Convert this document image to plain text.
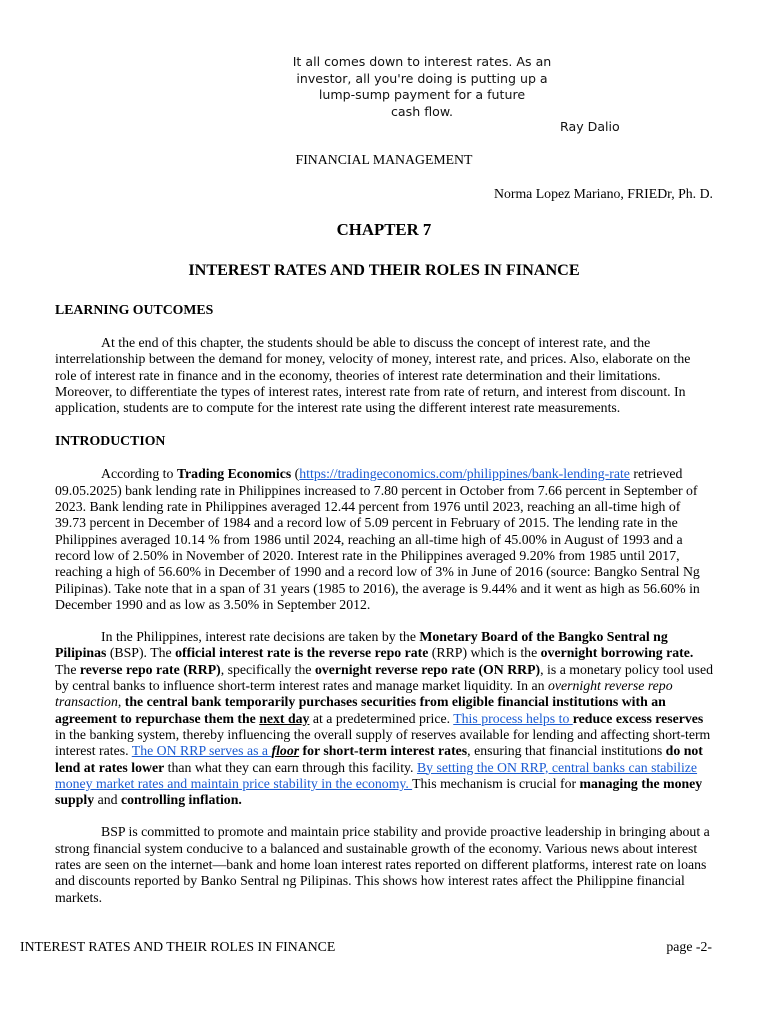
It all comes down to interest rates. As an
investor, all you're doing is putting up a
lump-sump payment for a future
cash flow.
Ray Dalio
FINANCIAL MANAGEMENT
Norma Lopez Mariano, FRIEDr, Ph. D.
CHAPTER 7
INTEREST RATES AND THEIR ROLES IN FINANCE
LEARNING OUTCOMES

At the end of this chapter, the students should be able to discuss the concept of interest rate, and the interrelationship between the demand for money, velocity of money, interest rate, and prices. Also, elaborate on the role of interest rate in finance and in the economy, theories of interest rate determination and their limitations. Moreover, to differentiate the types of interest rates, interest rate from rate of return, and interest from discount. In application, students are to compute for the interest rate using the different interest rate measurements.

INTRODUCTION

According to Trading Economics (https://tradingeconomics.com/philippines/bank-lending-rate retrieved 09.05.2025) bank lending rate in Philippines increased to 7.80 percent in October from 7.66 percent in September of 2023. Bank lending rate in Philippines averaged 12.44 percent from 1976 until 2023, reaching an all-time high of 39.73 percent in December of 1984 and a record low of 5.09 percent in February of 2015. The lending rate in the Philippines averaged 10.14 % from 1986 until 2024, reaching an all-time high of 45.00% in August of 1993 and a record low of 2.50% in November of 2020. Interest rate in the Philippines averaged 9.20% from 1985 until 2017, reaching a high of 56.60% in December of 1990 and a record low of 3% in June of 2016 (source: Bangko Sentral Ng Pilipinas). Take note that in a span of 31 years (1985 to 2016), the average is 9.44% and it went as high as 56.60% in December 1990 and as low as 3.50% in September 2012.

In the Philippines, interest rate decisions are taken by the Monetary Board of the Bangko Sentral ng Pilipinas (BSP). The official interest rate is the reverse repo rate (RRP) which is the overnight borrowing rate. The reverse repo rate (RRP), specifically the overnight reverse repo rate (ON RRP), is a monetary policy tool used by central banks to influence short-term interest rates and manage market liquidity. In an overnight reverse repo transaction, the central bank temporarily purchases securities from eligible financial institutions with an agreement to repurchase them the next day at a predetermined price. This process helps to reduce excess reserves in the banking system, thereby influencing the overall supply of reserves available for lending and affecting short-term interest rates. The ON RRP serves as a floor for short-term interest rates, ensuring that financial institutions do not lend at rates lower than what they can earn through this facility. By setting the ON RRP, central banks can stabilize money market rates and maintain price stability in the economy. This mechanism is crucial for managing the money supply and controlling inflation.

BSP is committed to promote and maintain price stability and provide proactive leadership in bringing about a strong financial system conducive to a balanced and sustainable growth of the economy. Various news about interest rates are seen on the internet—bank and home loan interest rates reported on different platforms, interest rate on loans and discounts reported by Banko Sentral ng Pilipinas. This shows how interest rates affect the Philippine financial markets.

INTEREST RATES AND THEIR ROLES IN FINANCE	page -2-
